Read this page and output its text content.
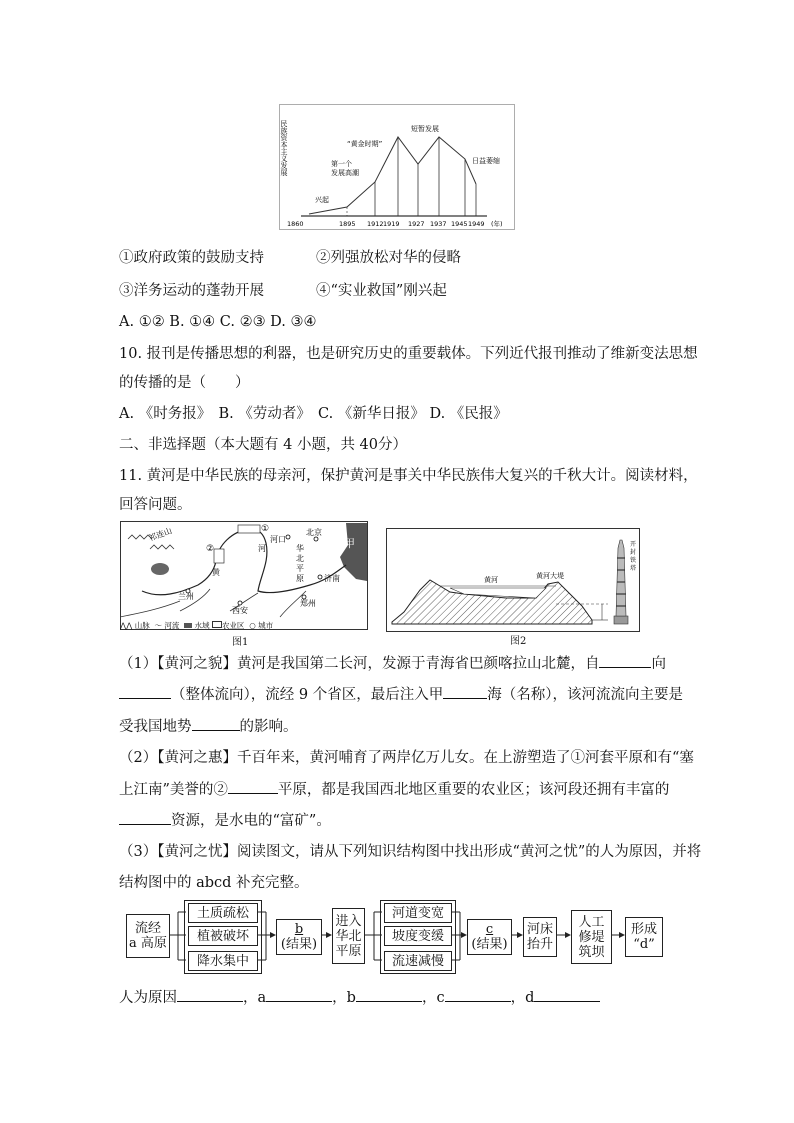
民族资本主义发展
1860	1895 1912 1919 1927 1937 1945 1949 (年)
兴起
第一个
发展高潮
“黄金时期”
短暂发展
日益萎缩
①政府政策的鼓励支持	②列强放松对华的侵略
③洋务运动的蓬勃开展	④“实业救国”刚兴起
A. ①② B. ①④ C. ②③ D. ③④
10. 报刊是传播思想的利器，也是研究历史的重要载体。下列近代报刊推动了维新变法思想
的传播的是（　　）
A. 《时务报》　B. 《劳动者》　C. 《新华日报》 D. 《民报》
二、非选择题（本大题有 4 小题，共 40分）
11. 黄河是中华民族的母亲河，保护黄河是事关中华民族伟大复兴的千秋大计。阅读材料，
回答问题。
祁连山	①
②	河
河口
北京
甲
黄
华
北
平
原
兰州
济南
西安
郑州
⋀⋀ 山脉 〜 河流 水域 农业区 ○ 城市
图1
黄河	黄河大堤
开
封
铁
塔
图2
（1）【黄河之貌】黄河是我国第二长河，发源于青海省巴颜喀拉山北麓，自	向
（整体流向），流经 9 个省区，最后注入甲	海（名称），该河流流向主要是
受我国地势	的影响。
（2）【黄河之惠】千百年来，黄河哺育了两岸亿万儿女。在上游塑造了①河套平原和有“塞
上江南”美誉的②	平原，都是我国西北地区重要的农业区；该河段还拥有丰富的
资源，是水电的“富矿”。
（3）【黄河之忧】阅读图文，请从下列知识结构图中找出形成“黄河之忧”的人为原因，并将
结构图中的 abcd 补充完整。
流经
a 高原
土质疏松
植被破坏
降水集中
b
(结果)
进入
华北
平原
河道变宽
坡度变缓
流速减慢
c
(结果)
河床
抬升
人工
修堤
筑坝
形成
“d”
人为原因	，a	，b	，c	，d
